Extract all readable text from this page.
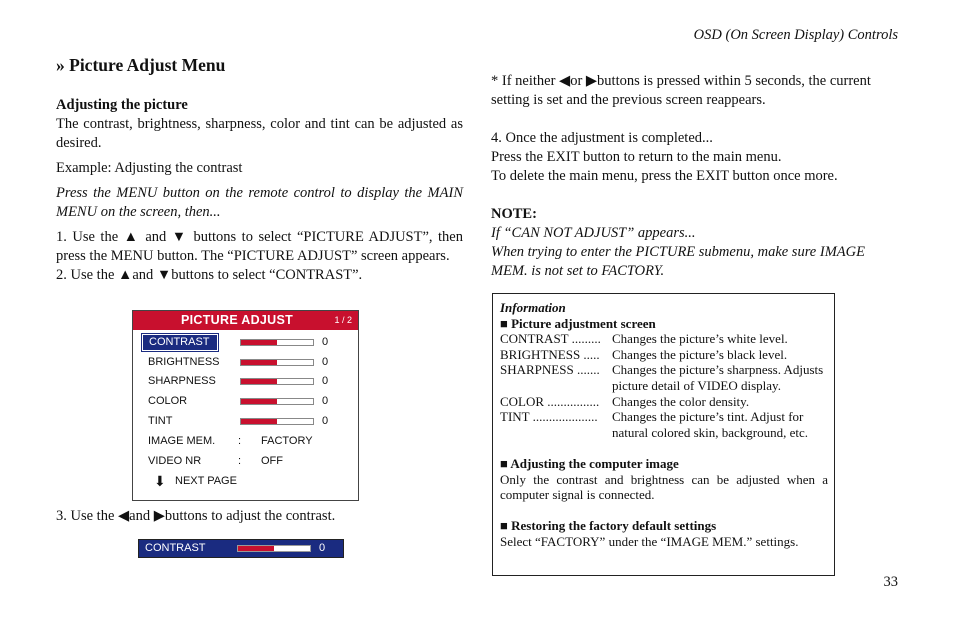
OSD (On Screen Display) Controls
» Picture Adjust Menu
Adjusting the picture

The contrast, brightness, sharpness, color and tint can be adjusted as desired.

Example: Adjusting the contrast

Press the MENU button on the remote control to display the MAIN MENU on the screen, then...

1. Use the ▲ and ▼ buttons to select “PICTURE ADJUST”, then press the MENU button. The “PICTURE ADJUST” screen appears.

2. Use the ▲and ▼buttons to select “CONTRAST”.

PICTURE ADJUST	1 / 2
CONTRAST	0
BRIGHTNESS	0
SHARPNESS	0
COLOR	0
TINT	0
IMAGE MEM. : FACTORY
VIDEO NR	: OFF
⬇ NEXT PAGE
3. Use the ◀and ▶buttons to adjust the contrast.
CONTRAST	0

* If neither ◀or ▶buttons is pressed within 5 seconds, the current setting is set and the previous screen reappears.

4. Once the adjustment is completed...

Press the EXIT button to return to the main menu.

To delete the main menu, press the EXIT button once more.

NOTE:

If “CAN NOT ADJUST” appears...

When trying to enter the PICTURE submenu, make sure IMAGE MEM. is not set to FACTORY.

Information
■ Picture adjustment screen
CONTRAST .........	Changes the picture’s white level.
BRIGHTNESS .....	Changes the picture’s black level.
SHARPNESS .......	Changes the picture’s sharpness. Adjusts picture detail of VIDEO display.
COLOR ................	Changes the color density.
TINT ....................	Changes the picture’s tint. Adjust for natural colored skin, background, etc.
■ Adjusting the computer image
Only the contrast and brightness can be adjusted when a computer signal is connected.
■ Restoring the factory default settings
Select “FACTORY” under the “IMAGE MEM.” settings.
33
